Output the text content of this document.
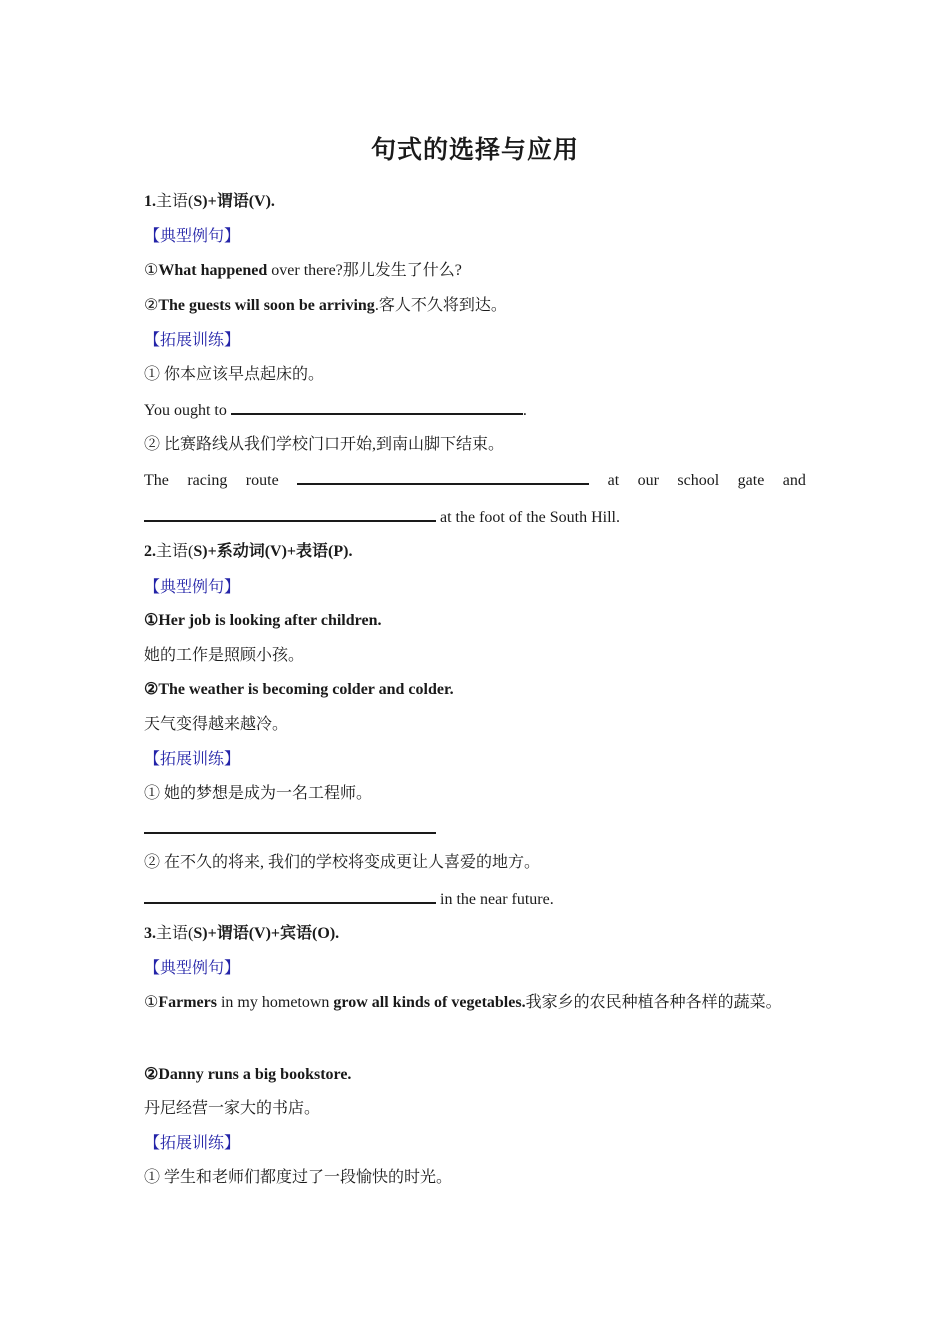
句式的选择与应用
1.主语(S)+谓语(V).
【典型例句】
①What happened over there?那儿发生了什么?
②The guests will soon be arriving.客人不久将到达。
【拓展训练】
① 你本应该早点起床的。
You ought to	.
② 比赛路线从我们学校门口开始,到南山脚下结束。
The racing route	at our school gate and
at the foot of the South Hill.
2.主语(S)+系动词(V)+表语(P).
【典型例句】
①Her job is looking after children.
她的工作是照顾小孩。
②The weather is becoming colder and colder.
天气变得越来越冷。
【拓展训练】
① 她的梦想是成为一名工程师。
② 在不久的将来, 我们的学校将变成更让人喜爱的地方。
in the near future.
3.主语(S)+谓语(V)+宾语(O).
【典型例句】
①Farmers in my hometown grow all kinds of vegetables.我家乡的农民种植各种各样的蔬菜。
②Danny runs a big bookstore.
丹尼经营一家大的书店。
【拓展训练】
① 学生和老师们都度过了一段愉快的时光。
